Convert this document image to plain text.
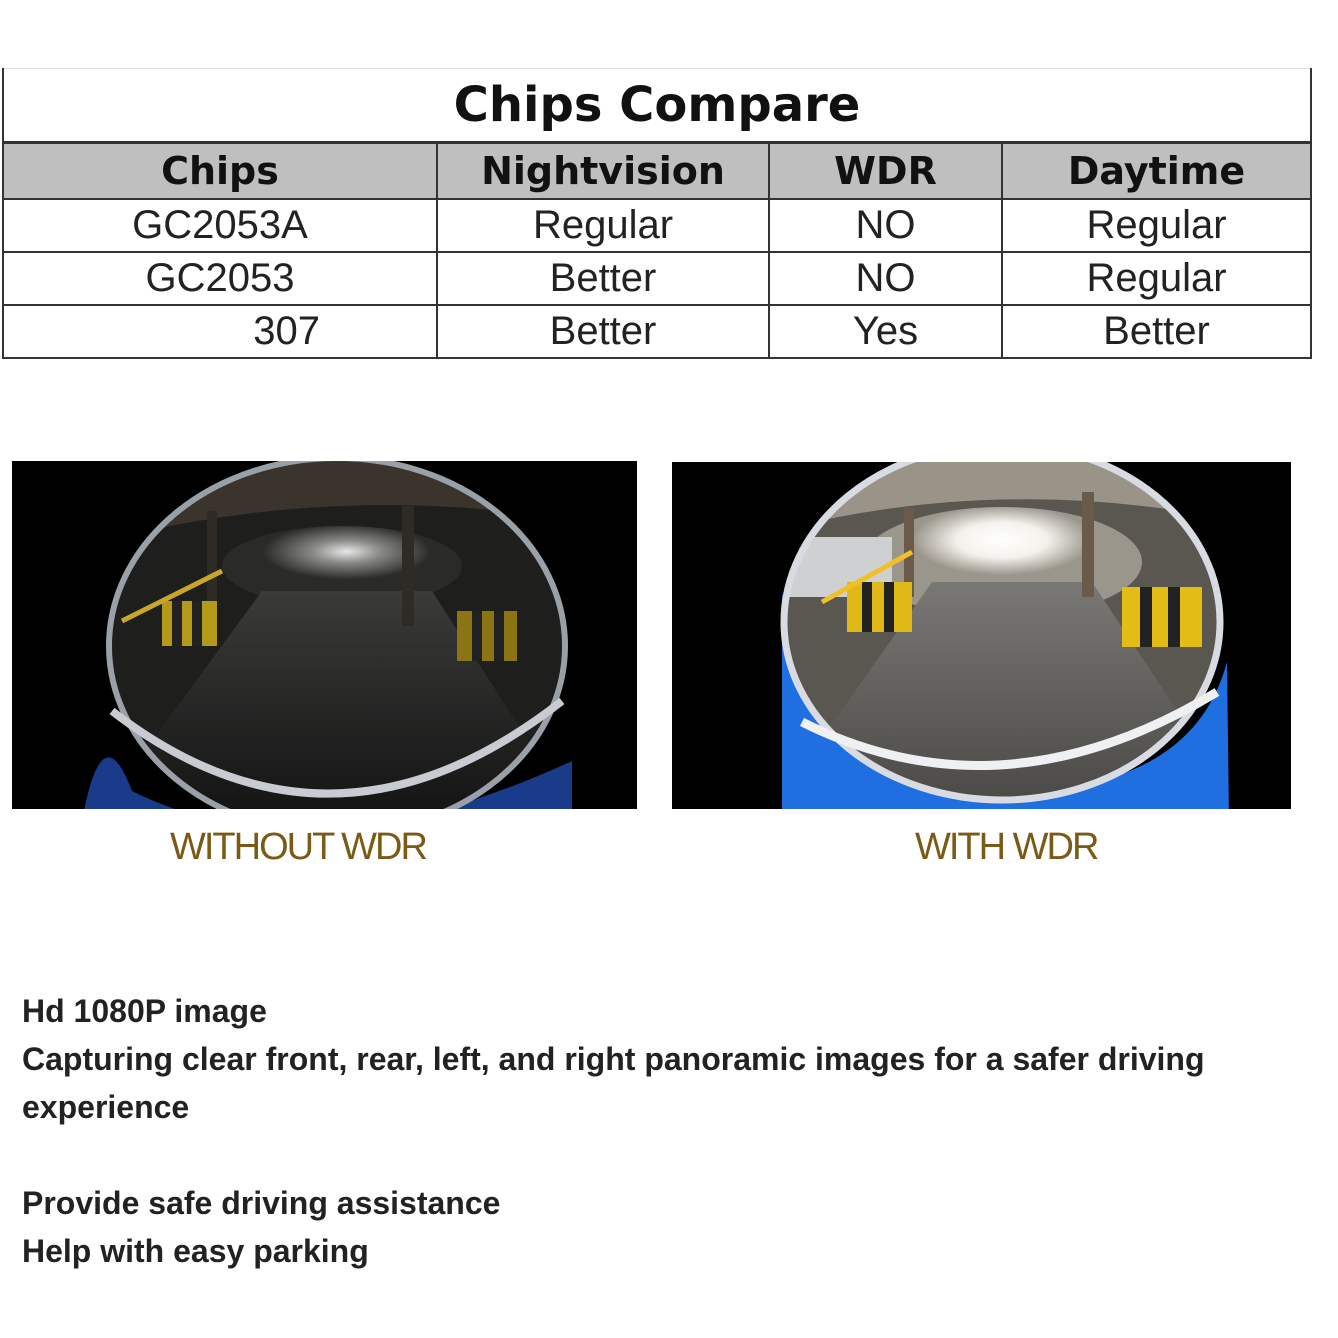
Chips Compare			
Chips	Nightvision	WDR	Daytime
GC2053A	Regular	NO	Regular
GC2053	Better	NO	Regular
307	Better	Yes	Better
WITHOUT WDR	WITH WDR

Hd 1080P image

Capturing clear front, rear, left, and right panoramic images for a safer driving

experience

Provide safe driving assistance

Help with easy parking
